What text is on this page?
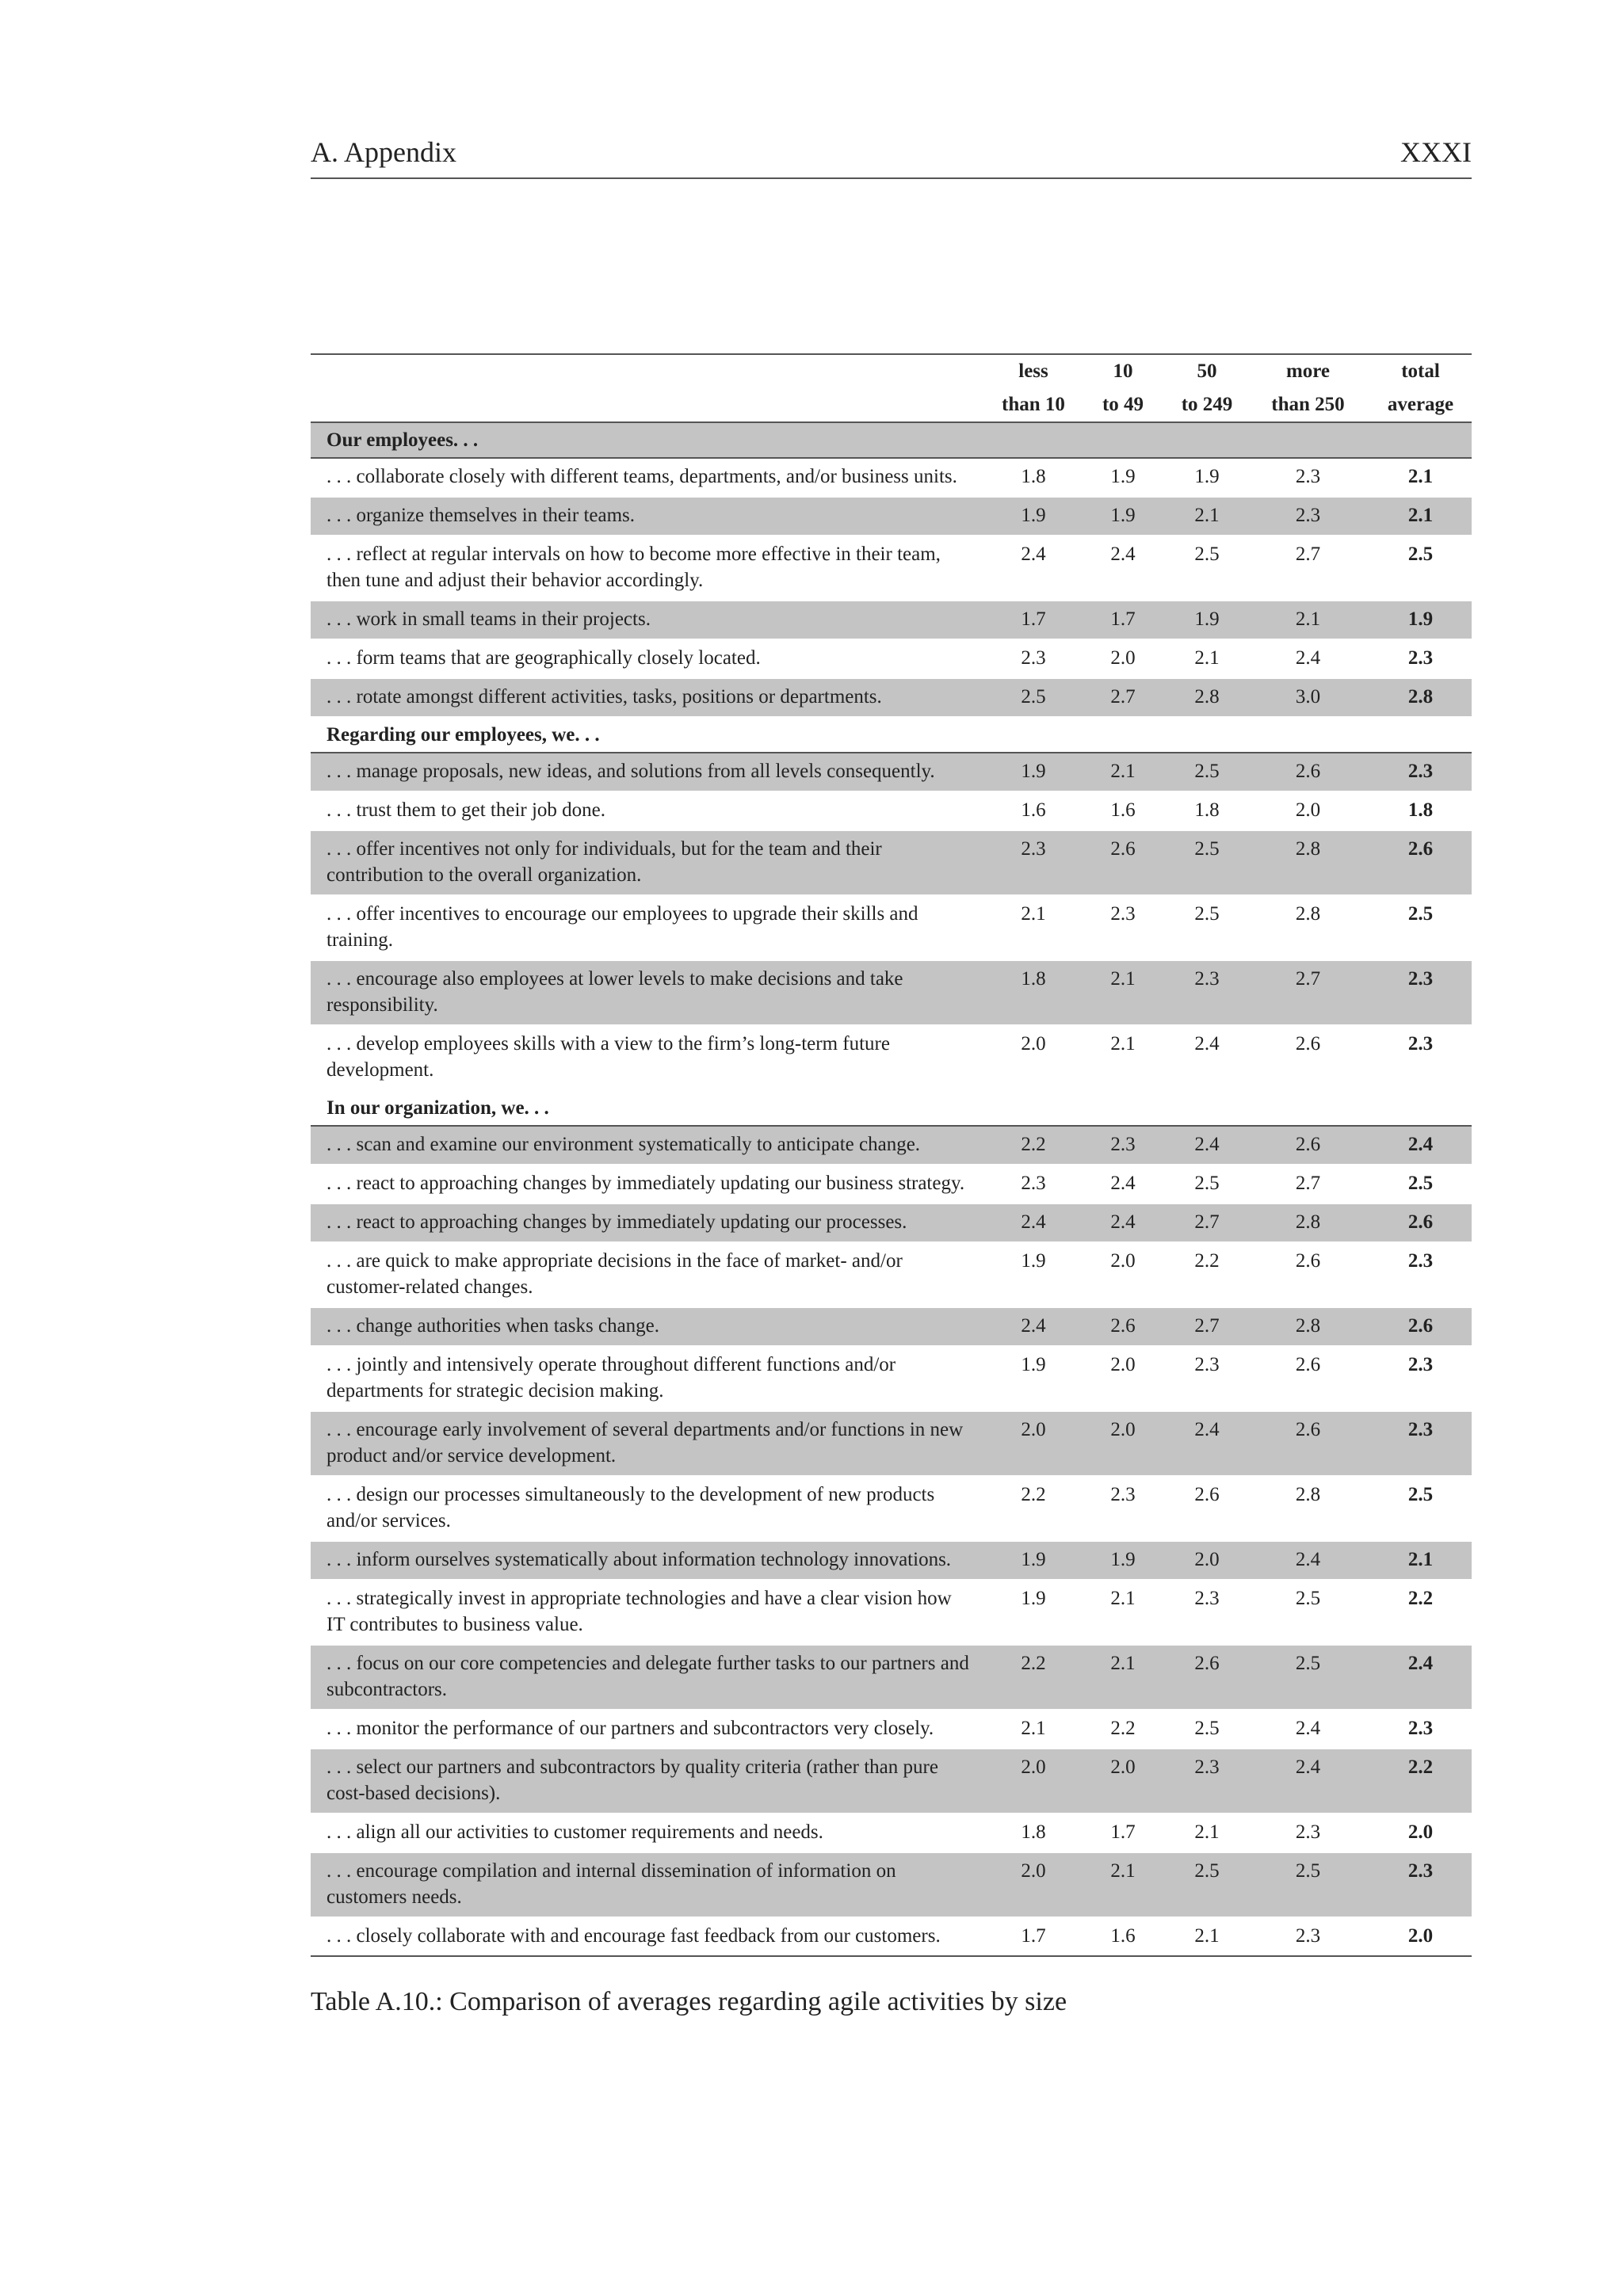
A. Appendix	XXXI
	less	10	50	more	total
	than 10	to 49	to 249	than 250	average
Our employees. . .					
. . . collaborate closely with different teams, departments, and/or business units.	1.8	1.9	1.9	2.3	2.1
. . . organize themselves in their teams.	1.9	1.9	2.1	2.3	2.1
. . . reflect at regular intervals on how to become more effective in their team, then tune and adjust their behavior accordingly.	2.4	2.4	2.5	2.7	2.5
. . . work in small teams in their projects.	1.7	1.7	1.9	2.1	1.9
. . . form teams that are geographically closely located.	2.3	2.0	2.1	2.4	2.3
. . . rotate amongst different activities, tasks, positions or departments.	2.5	2.7	2.8	3.0	2.8
Regarding our employees, we. . .					
. . . manage proposals, new ideas, and solutions from all levels consequently.	1.9	2.1	2.5	2.6	2.3
. . . trust them to get their job done.	1.6	1.6	1.8	2.0	1.8
. . . offer incentives not only for individuals, but for the team and their contribution to the overall organization.	2.3	2.6	2.5	2.8	2.6
. . . offer incentives to encourage our employees to upgrade their skills and training.	2.1	2.3	2.5	2.8	2.5
. . . encourage also employees at lower levels to make decisions and take responsibility.	1.8	2.1	2.3	2.7	2.3
. . . develop employees skills with a view to the firm’s long-term future development.	2.0	2.1	2.4	2.6	2.3
In our organization, we. . .					
. . . scan and examine our environment systematically to anticipate change.	2.2	2.3	2.4	2.6	2.4
. . . react to approaching changes by immediately updating our business strategy.	2.3	2.4	2.5	2.7	2.5
. . . react to approaching changes by immediately updating our processes.	2.4	2.4	2.7	2.8	2.6
. . . are quick to make appropriate decisions in the face of market- and/or customer-related changes.	1.9	2.0	2.2	2.6	2.3
. . . change authorities when tasks change.	2.4	2.6	2.7	2.8	2.6
. . . jointly and intensively operate throughout different functions and/or departments for strategic decision making.	1.9	2.0	2.3	2.6	2.3
. . . encourage early involvement of several departments and/or functions in new product and/or service development.	2.0	2.0	2.4	2.6	2.3
. . . design our processes simultaneously to the development of new products and/or services.	2.2	2.3	2.6	2.8	2.5
. . . inform ourselves systematically about information technology innovations.	1.9	1.9	2.0	2.4	2.1
. . . strategically invest in appropriate technologies and have a clear vision how IT contributes to business value.	1.9	2.1	2.3	2.5	2.2
. . . focus on our core competencies and delegate further tasks to our partners and subcontractors.	2.2	2.1	2.6	2.5	2.4
. . . monitor the performance of our partners and subcontractors very closely.	2.1	2.2	2.5	2.4	2.3
. . . select our partners and subcontractors by quality criteria (rather than pure cost-based decisions).	2.0	2.0	2.3	2.4	2.2
. . . align all our activities to customer requirements and needs.	1.8	1.7	2.1	2.3	2.0
. . . encourage compilation and internal dissemination of information on customers needs.	2.0	2.1	2.5	2.5	2.3
. . . closely collaborate with and encourage fast feedback from our customers.	1.7	1.6	2.1	2.3	2.0
Table A.10.: Comparison of averages regarding agile activities by size
